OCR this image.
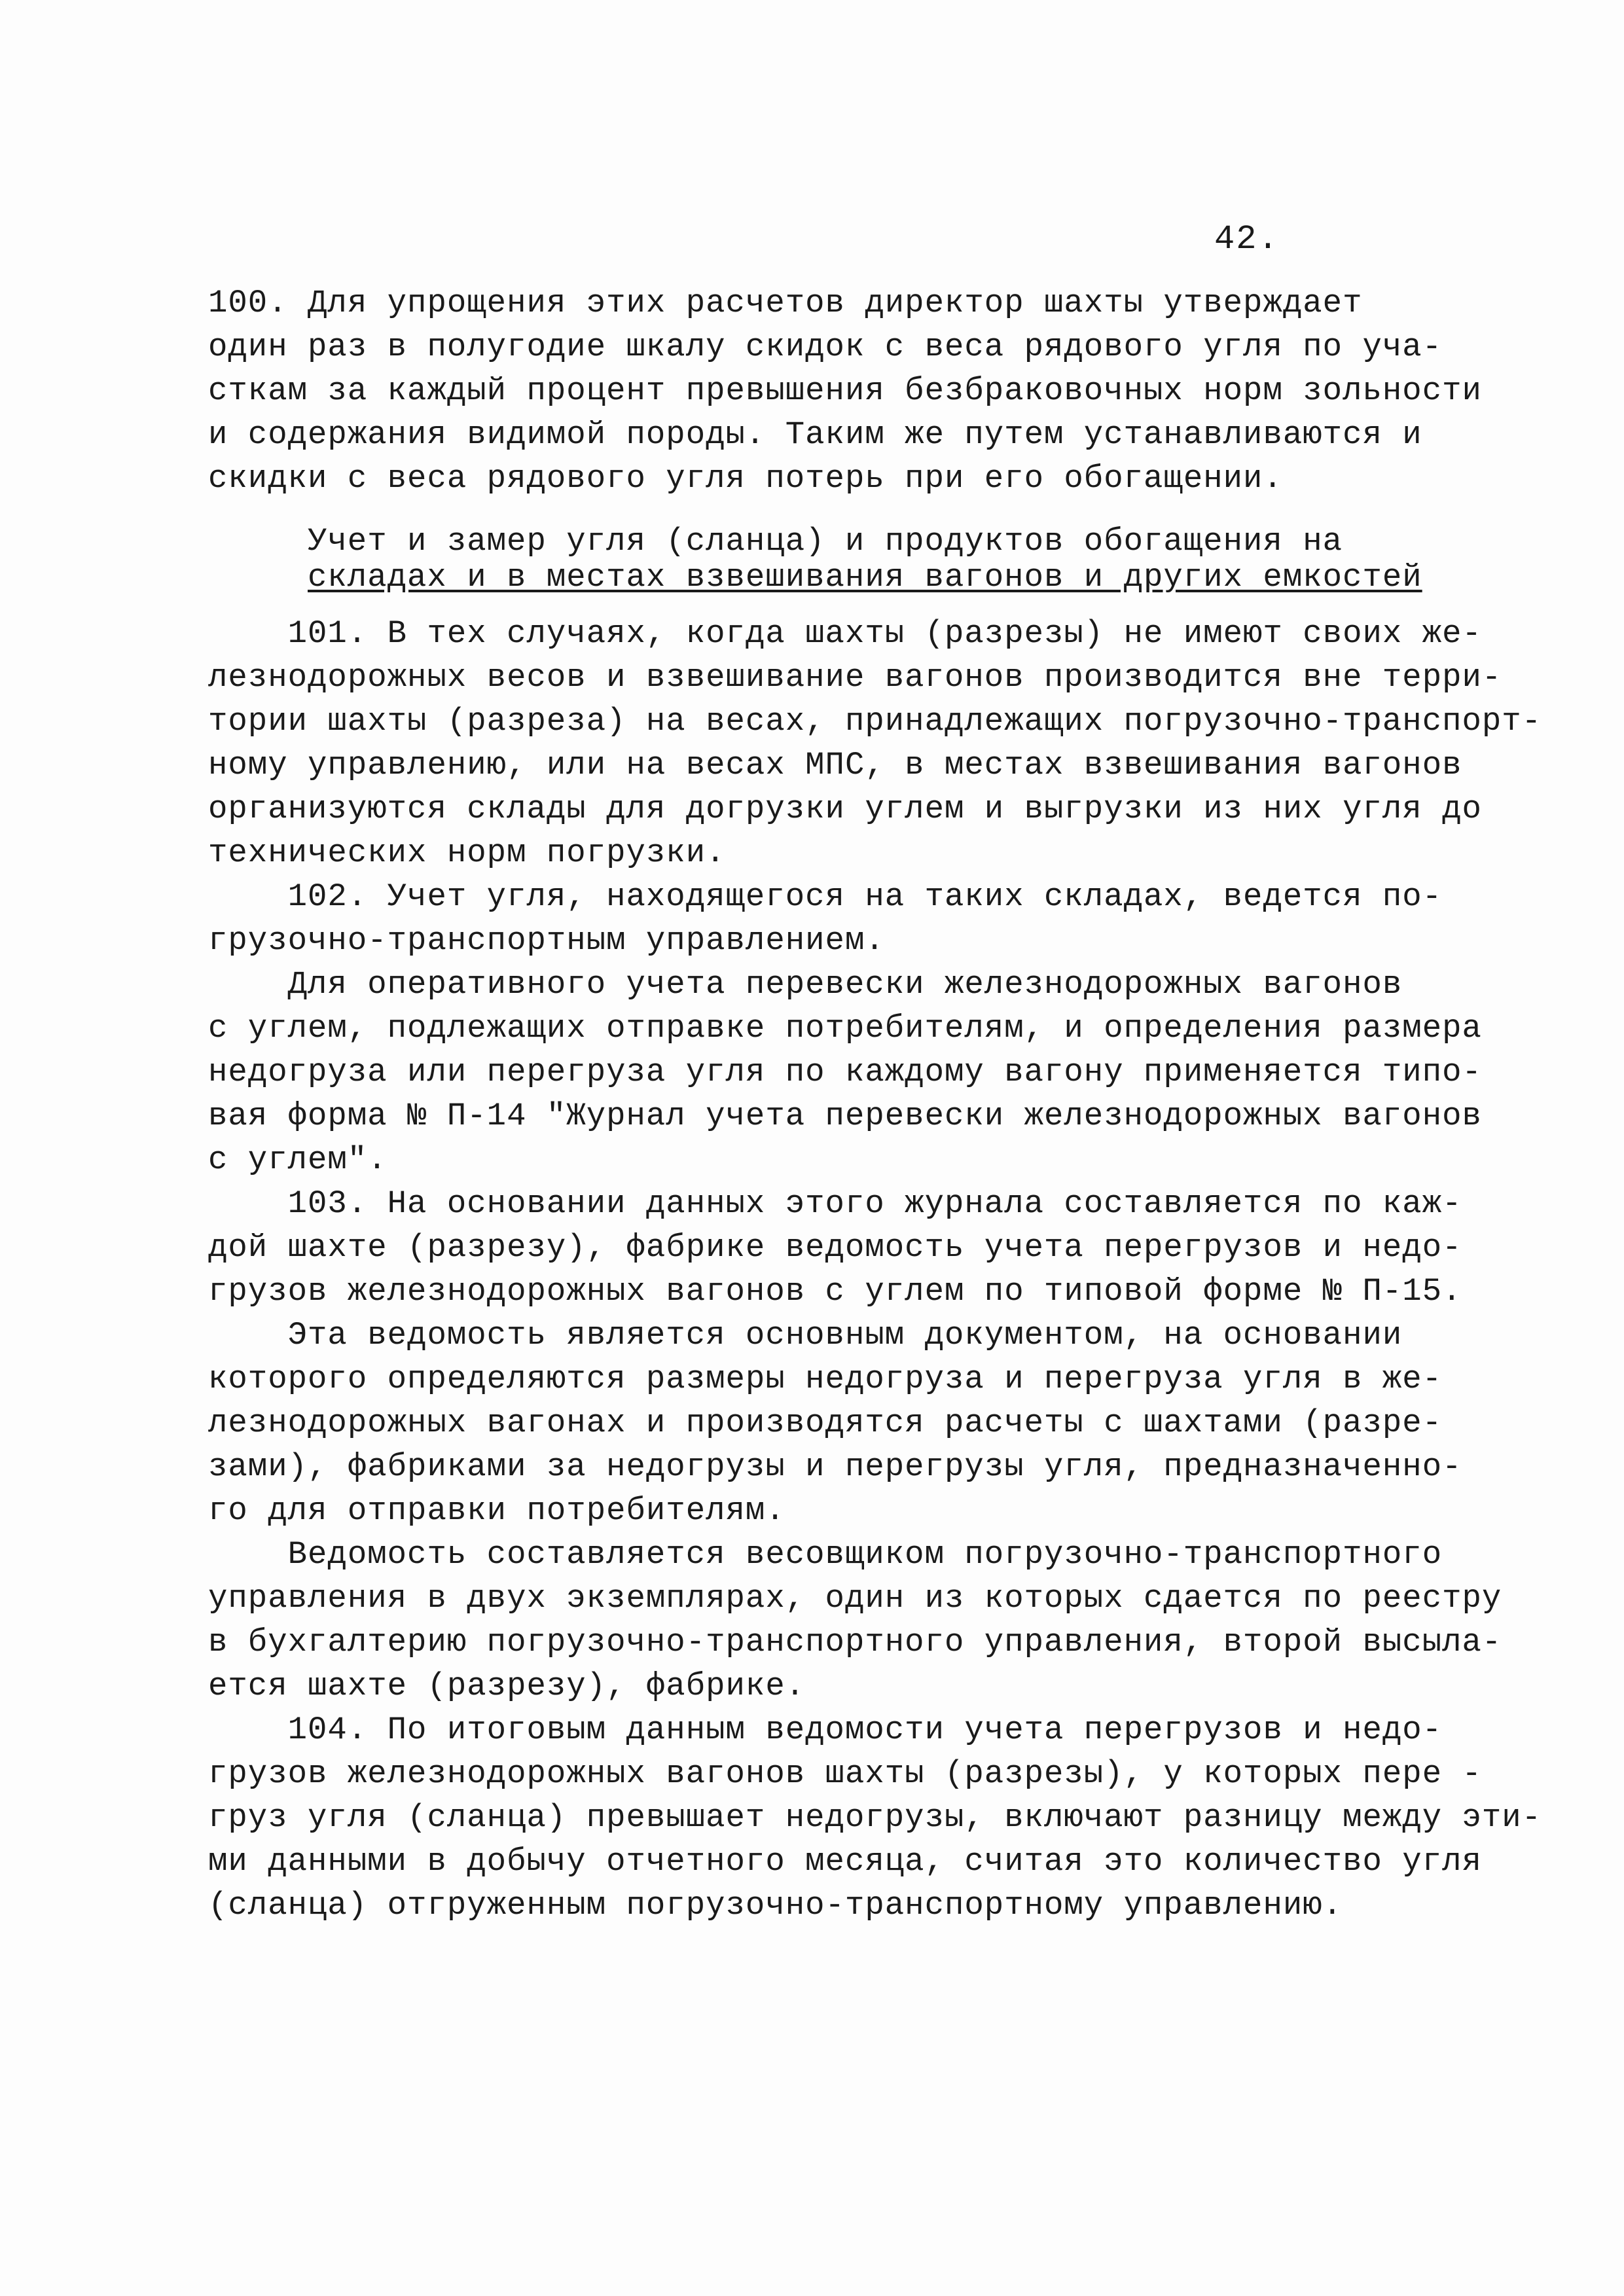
42.
100. Для упрощения этих расчетов директор шахты утверждает
один раз в полугодие шкалу скидок с веса рядового угля по уча-
сткам за каждый процент превышения безбраковочных норм зольности
и содержания видимой породы. Таким же путем устанавливаются и
скидки с веса рядового угля потерь при его обогащении.
Учет и замер угля (сланца) и продуктов обогащения на
складах и в местах взвешивания вагонов и других емкостей
101. В тех случаях, когда шахты (разрезы) не имеют своих же-
лезнодорожных весов и взвешивание вагонов производится вне терри-
тории шахты (разреза) на весах, принадлежащих погрузочно-транспорт-
ному управлению, или на весах МПС, в местах взвешивания вагонов
организуются склады для догрузки углем и выгрузки из них угля до
технических норм погрузки.
102. Учет угля, находящегося на таких складах, ведется по-
грузочно-транспортным управлением.
Для оперативного учета перевески железнодорожных вагонов
с углем, подлежащих отправке потребителям, и определения размера
недогруза или перегруза угля по каждому вагону применяется типо-
вая форма № П-14 "Журнал учета перевески железнодорожных вагонов
с углем".
103. На основании данных этого журнала составляется по каж-
дой шахте (разрезу), фабрике ведомость учета перегрузов и недо-
грузов железнодорожных вагонов с углем по типовой форме № П-15.
Эта ведомость является основным документом, на основании
которого определяются размеры недогруза и перегруза угля в же-
лезнодорожных вагонах и производятся расчеты с шахтами (разре-
зами), фабриками за недогрузы и перегрузы угля, предназначенно-
го для отправки потребителям.
Ведомость составляется весовщиком погрузочно-транспортного
управления в двух экземплярах, один из которых сдается по реестру
в бухгалтерию погрузочно-транспортного управления, второй высыла-
ется шахте (разрезу), фабрике.
104. По итоговым данным ведомости учета перегрузов и недо-
грузов железнодорожных вагонов шахты (разрезы), у которых пере -
груз угля (сланца) превышает недогрузы, включают разницу между эти-
ми данными в добычу отчетного месяца, считая это количество угля
(сланца) отгруженным погрузочно-транспортному управлению.
